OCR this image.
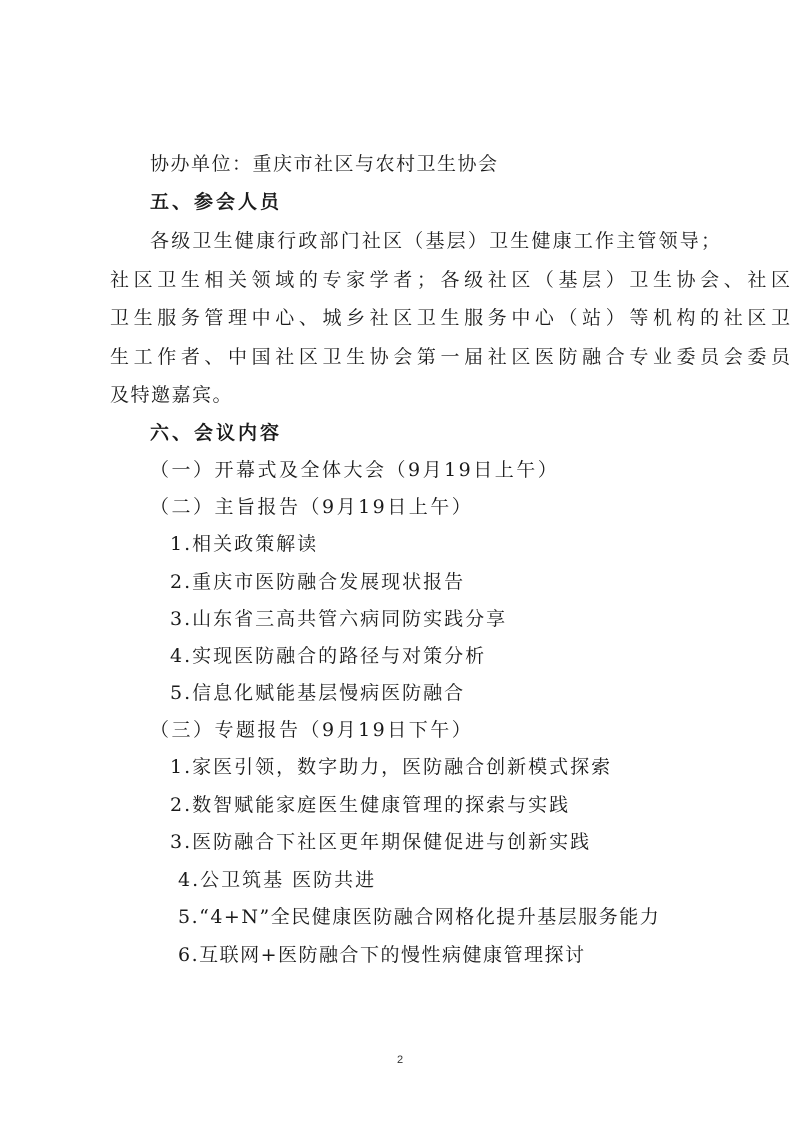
协办单位：重庆市社区与农村卫生协会

五、参会人员

各级卫生健康行政部门社区（基层）卫生健康工作主管领导；

社区卫生相关领域的专家学者；各级社区（基层）卫生协会、社区

卫生服务管理中心、城乡社区卫生服务中心（站）等机构的社区卫

生工作者、中国社区卫生协会第一届社区医防融合专业委员会委员

及特邀嘉宾。

六、会议内容

（一）开幕式及全体大会（9月19日上午）

（二）主旨报告（9月19日上午）

1.相关政策解读

2.重庆市医防融合发展现状报告

3.山东省三高共管六病同防实践分享

4.实现医防融合的路径与对策分析

5.信息化赋能基层慢病医防融合

（三）专题报告（9月19日下午）

1.家医引领，数字助力，医防融合创新模式探索

2.数智赋能家庭医生健康管理的探索与实践

3.医防融合下社区更年期保健促进与创新实践

4.公卫筑基 医防共进

5.“4+N”全民健康医防融合网格化提升基层服务能力

6.互联网+医防融合下的慢性病健康管理探讨

2
